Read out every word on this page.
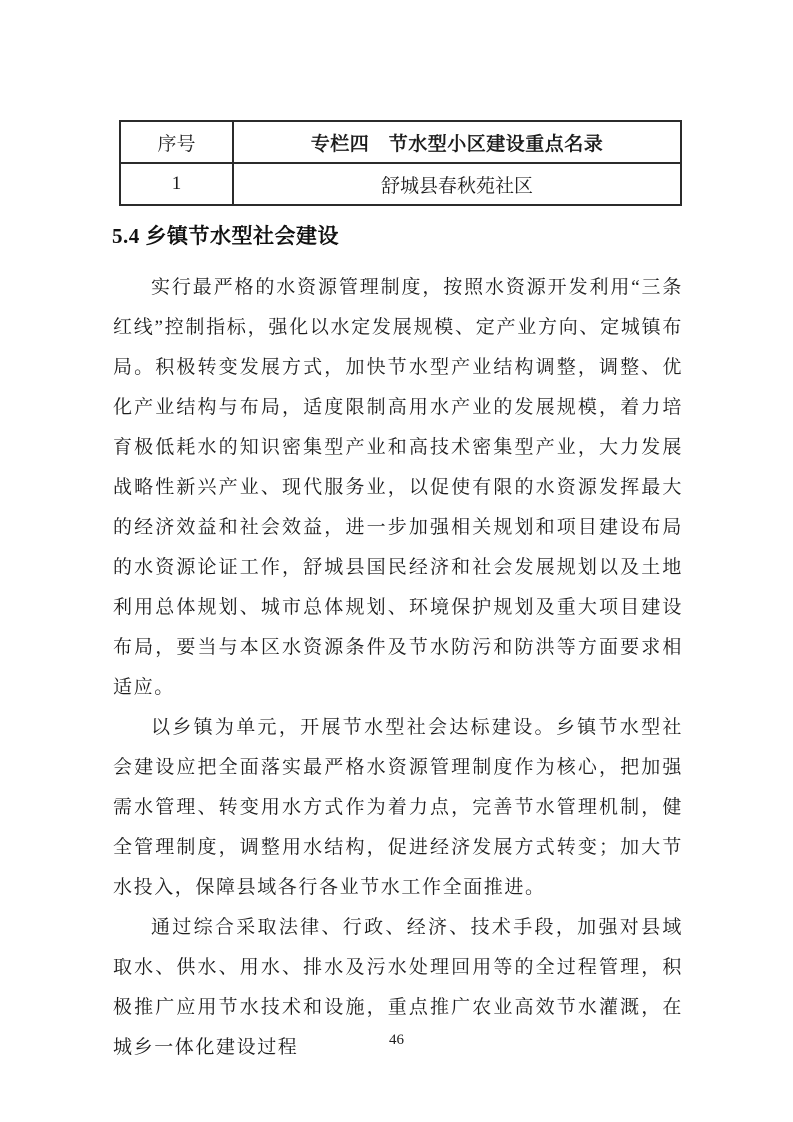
序号	专栏四　节水型小区建设重点名录
1	舒城县春秋苑社区
5.4 乡镇节水型社会建设

实行最严格的水资源管理制度，按照水资源开发利用“三条红线”控制指标，强化以水定发展规模、定产业方向、定城镇布局。积极转变发展方式，加快节水型产业结构调整，调整、优化产业结构与布局，适度限制高用水产业的发展规模，着力培育极低耗水的知识密集型产业和高技术密集型产业，大力发展战略性新兴产业、现代服务业，以促使有限的水资源发挥最大的经济效益和社会效益，进一步加强相关规划和项目建设布局的水资源论证工作，舒城县国民经济和社会发展规划以及土地利用总体规划、城市总体规划、环境保护规划及重大项目建设布局，要当与本区水资源条件及节水防污和防洪等方面要求相适应。

以乡镇为单元，开展节水型社会达标建设。乡镇节水型社会建设应把全面落实最严格水资源管理制度作为核心，把加强需水管理、转变用水方式作为着力点，完善节水管理机制，健全管理制度，调整用水结构，促进经济发展方式转变；加大节水投入，保障县域各行各业节水工作全面推进。

通过综合采取法律、行政、经济、技术手段，加强对县域取水、供水、用水、排水及污水处理回用等的全过程管理，积极推广应用节水技术和设施，重点推广农业高效节水灌溉，在城乡一体化建设过程	46
